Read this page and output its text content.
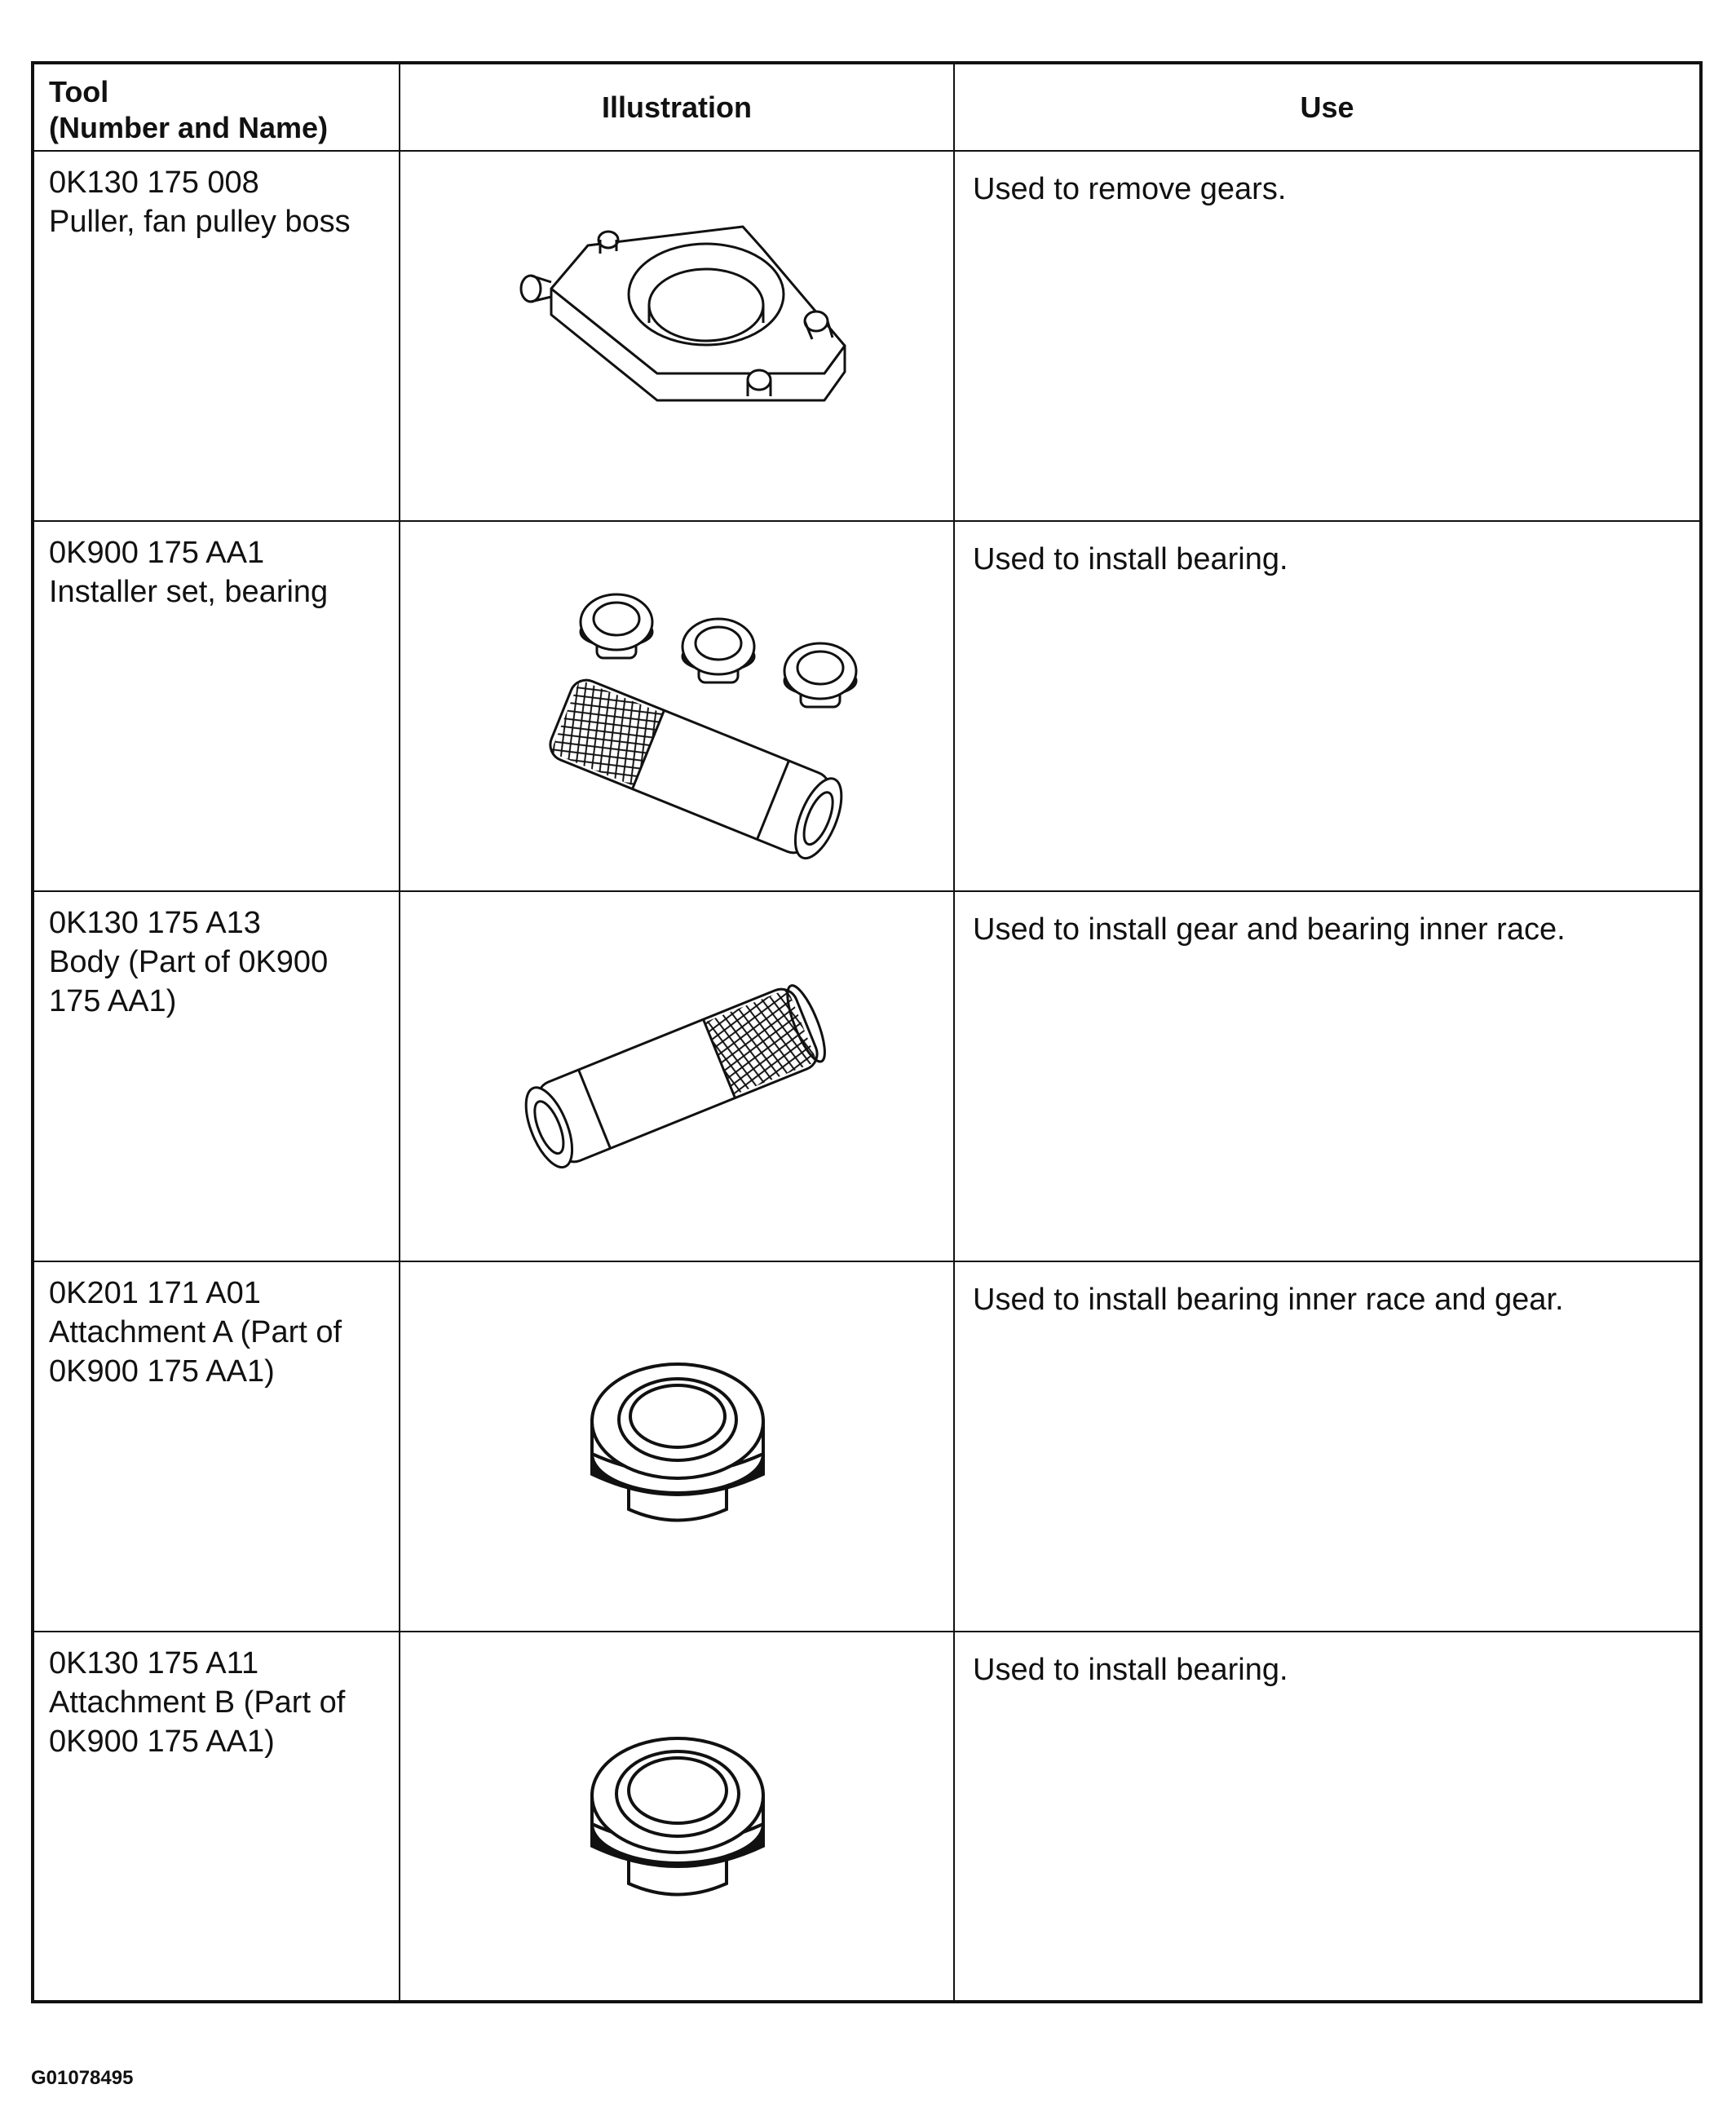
Tool
(Number and Name)	Illustration	Use

0K130 175 008
Puller, fan pulley boss		Used to remove gears.

0K900 175 AA1
Installer set, bearing		Used to install bearing.

0K130 175 A13
Body (Part of 0K900
175 AA1)		Used to install gear and bearing inner race.

0K201 171 A01
Attachment A (Part of
0K900 175 AA1)		Used to install bearing inner race and gear.

0K130 175 A11
Attachment B (Part of
0K900 175 AA1)		Used to install bearing.
G01078495
